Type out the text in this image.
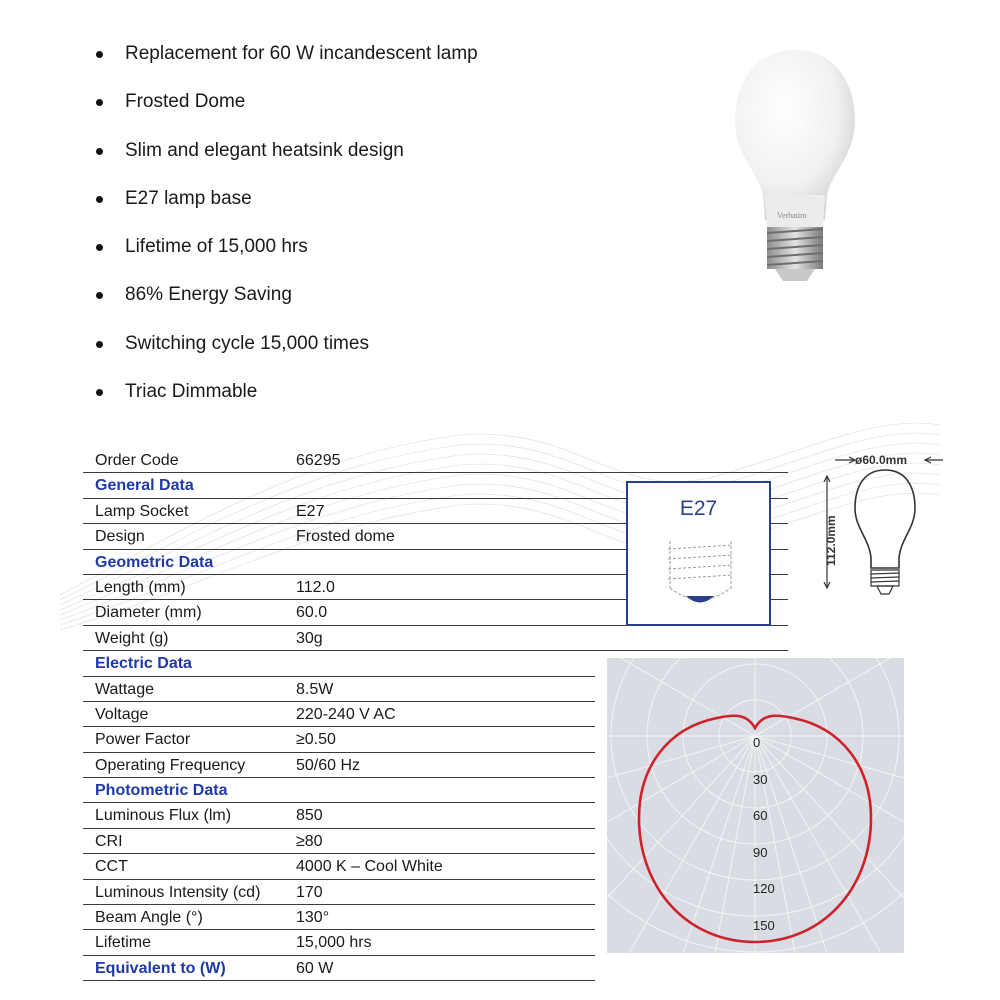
Replacement for 60 W incandescent lamp
Frosted Dome
Slim and elegant heatsink design
E27 lamp base
Lifetime of 15,000 hrs
86% Energy Saving
Switching cycle 15,000 times
Triac Dimmable
Verbatim
Order Code	66295
General Data
Lamp Socket	E27
Design	Frosted dome
Geometric Data
Length (mm)	112.0
Diameter (mm)	60.0
Weight (g)	30g
Electric Data
Wattage	8.5W
Voltage	220-240 V AC
Power Factor	≥0.50
Operating Frequency	50/60 Hz
Photometric Data
Luminous Flux (lm)	850
CRI	≥80
CCT	4000 K – Cool White
Luminous Intensity (cd) 170
Beam Angle (°)	130°
Lifetime	15,000 hrs
Equivalent to (W)	60 W
E27
ø60.0mm
112.0mm
0
30
60
90
120
150
